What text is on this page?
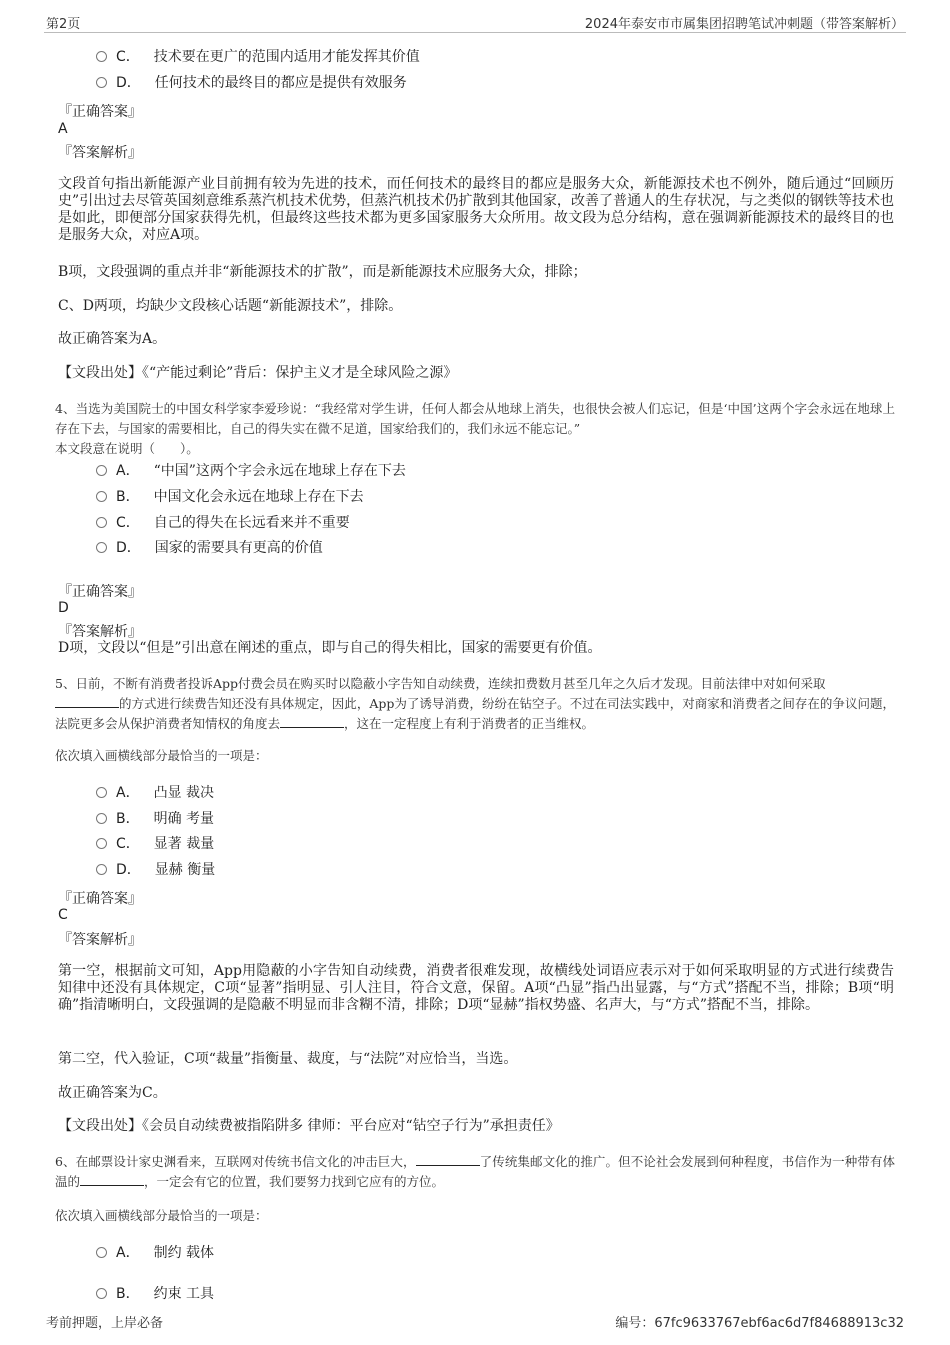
第2页	2024年泰安市市属集团招聘笔试冲刺题（带答案解析）
C． 技术要在更广的范围内适用才能发挥其价值
D． 任何技术的最终目的都应是提供有效服务
『正确答案』
A
『答案解析』
文段首句指出新能源产业目前拥有较为先进的技术，而任何技术的最终目的都应是服务大众，新能源技术也不例外，随后通过“回顾历史”引出过去尽管英国刻意维系蒸汽机技术优势，但蒸汽机技术仍扩散到其他国家，改善了普通人的生存状况，与之类似的钢铁等技术也是如此，即便部分国家获得先机，但最终这些技术都为更多国家服务大众所用。故文段为总分结构，意在强调新能源技术的最终目的也是服务大众，对应A项。
B项，文段强调的重点并非“新能源技术的扩散”，而是新能源技术应服务大众，排除；
C、D两项，均缺少文段核心话题“新能源技术”，排除。
故正确答案为A。
【文段出处】《“产能过剩论”背后：保护主义才是全球风险之源》
4、当选为美国院士的中国女科学家李爱珍说：“我经常对学生讲，任何人都会从地球上消失，也很快会被人们忘记，但是‘中国’这两个字会永远在地球上存在下去，与国家的需要相比，自己的得失实在微不足道，国家给我们的，我们永远不能忘记。”
本文段意在说明（　　）。
A． “中国”这两个字会永远在地球上存在下去
B． 中国文化会永远在地球上存在下去
C． 自己的得失在长远看来并不重要
D． 国家的需要具有更高的价值
『正确答案』
D
『答案解析』
D项，文段以“但是”引出意在阐述的重点，即与自己的得失相比，国家的需要更有价值。
5、日前，不断有消费者投诉App付费会员在购买时以隐蔽小字告知自动续费，连续扣费数月甚至几年之久后才发现。目前法律中对如何采取
的方式进行续费告知还没有具体规定，因此，App为了诱导消费，纷纷在钻空子。不过在司法实践中，对商家和消费者之间存在的争议问题，法院更多会从保护消费者知情权的角度去	，这在一定程度上有利于消费者的正当维权。
依次填入画横线部分最恰当的一项是：
A． 凸显 裁决
B． 明确 考量
C． 显著 裁量
D． 显赫 衡量
『正确答案』
C
『答案解析』
第一空，根据前文可知，App用隐蔽的小字告知自动续费，消费者很难发现，故横线处词语应表示对于如何采取明显的方式进行续费告知律中还没有具体规定，C项“显著”指明显、引人注目，符合文意，保留。A项“凸显”指凸出显露，与“方式”搭配不当，排除；B项“明确”指清晰明白，文段强调的是隐蔽不明显而非含糊不清，排除；D项“显赫”指权势盛、名声大，与“方式”搭配不当，排除。
第二空，代入验证，C项“裁量”指衡量、裁度，与“法院”对应恰当，当选。
故正确答案为C。
【文段出处】《会员自动续费被指陷阱多 律师：平台应对“钻空子行为”承担责任》
6、在邮票设计家史渊看来，互联网对传统书信文化的冲击巨大，	了传统集邮文化的推广。但不论社会发展到何种程度，书信作为一种带有体温的	，一定会有它的位置，我们要努力找到它应有的方位。
依次填入画横线部分最恰当的一项是：
A． 制约 载体
B． 约束 工具
考前押题，上岸必备	编号：67fc9633767ebf6ac6d7f84688913c32
